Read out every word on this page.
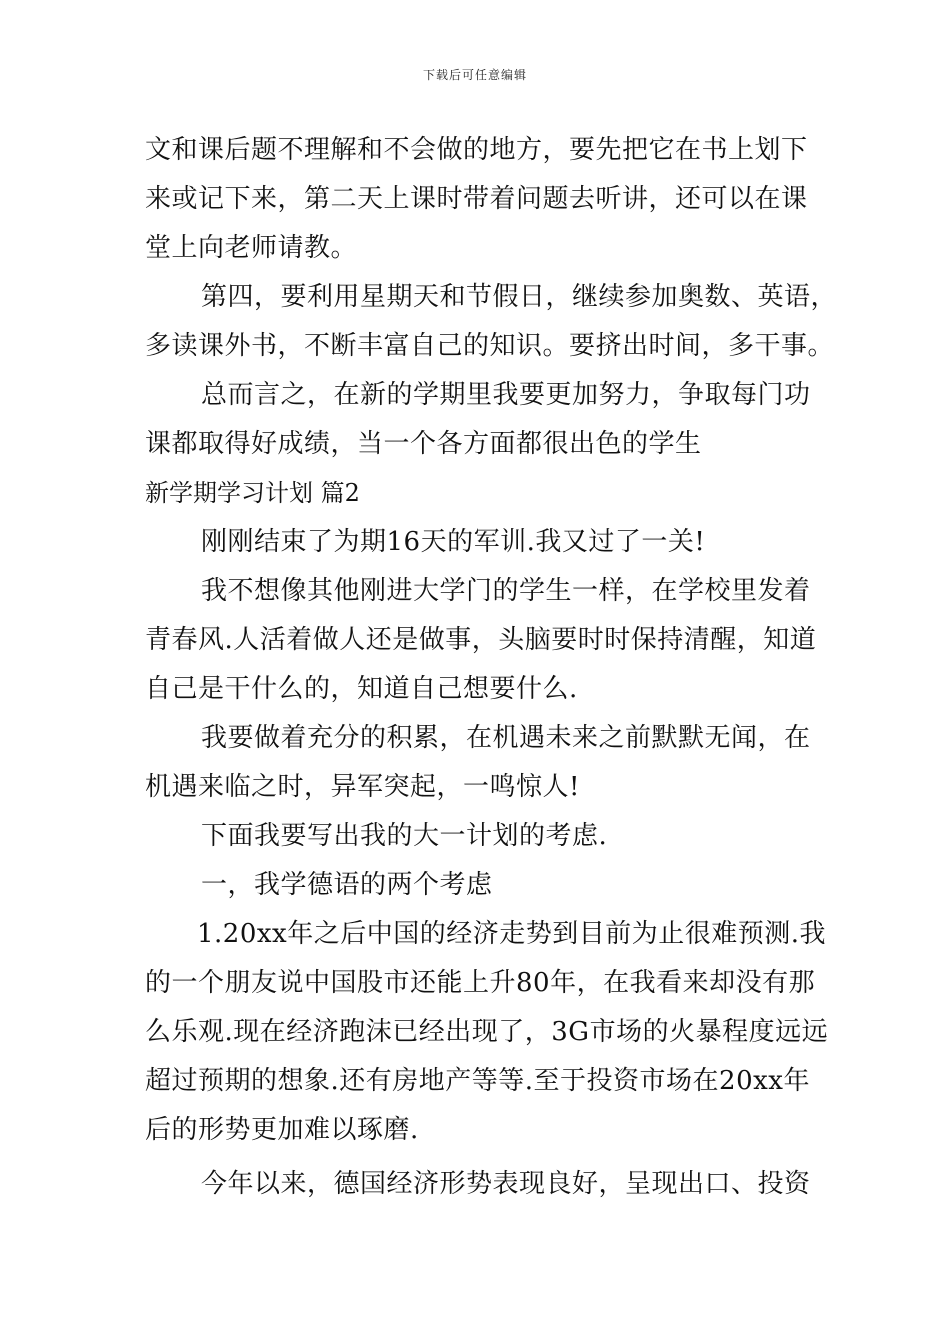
下载后可任意编辑
文和课后题不理解和不会做的地方，要先把它在书上划下
来或记下来，第二天上课时带着问题去听讲，还可以在课
堂上向老师请教。
第四，要利用星期天和节假日，继续参加奥数、英语，
多读课外书，不断丰富自己的知识。要挤出时间，多干事。
总而言之，在新的学期里我要更加努力，争取每门功
课都取得好成绩，当一个各方面都很出色的学生
新学期学习计划 篇2
刚刚结束了为期16天的军训.我又过了一关!
我不想像其他刚进大学门的学生一样，在学校里发着
青春风.人活着做人还是做事，头脑要时时保持清醒，知道
自己是干什么的，知道自己想要什么.
我要做着充分的积累，在机遇未来之前默默无闻，在
机遇来临之时，异军突起，一鸣惊人!
下面我要写出我的大一计划的考虑.
一，我学德语的两个考虑
1.20xx年之后中国的经济走势到目前为止很难预测.我
的一个朋友说中国股市还能上升80年，在我看来却没有那
么乐观.现在经济跑沫已经出现了，3G市场的火暴程度远远
超过预期的想象.还有房地产等等.至于投资市场在20xx年
后的形势更加难以琢磨.
今年以来，德国经济形势表现良好，呈现出口、投资
